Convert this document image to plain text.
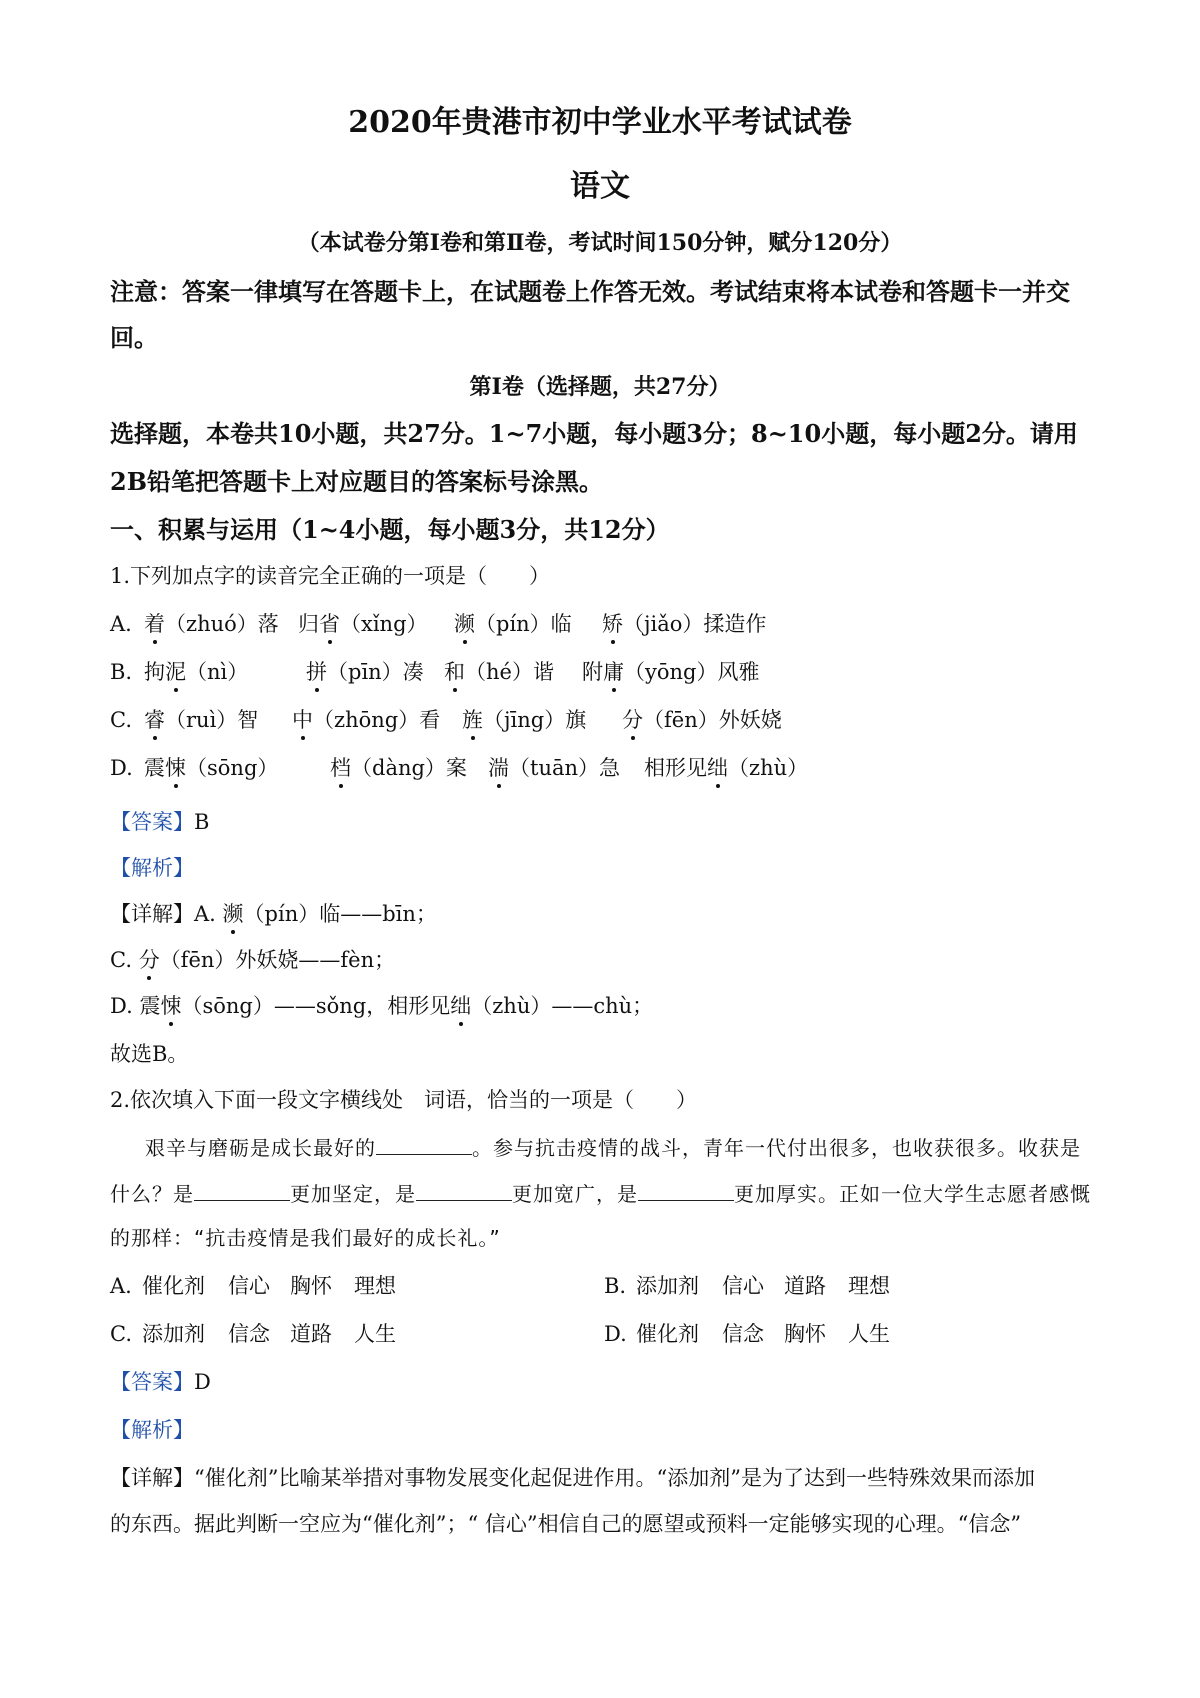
2020年贵港市初中学业水平考试试卷
语文
（本试卷分第Ⅰ卷和第Ⅱ卷，考试时间150分钟，赋分120分）
注意：答案一律填写在答题卡上，在试题卷上作答无效。考试结束将本试卷和答题卡一并交
回。
第Ⅰ卷（选择题，共27分）
选择题，本卷共10小题，共27分。1~7小题，每小题3分；8~10小题，每小题2分。请用
2B铅笔把答题卡上对应题目的答案标号涂黑。
一、积累与运用（1~4小题，每小题3分，共12分）
1.下列加点字的读音完全正确的一项是（　　）
A. 着（zhuó）落 归省（xǐng） 濒（pín）临 矫（jiǎo）揉造作
B. 拘泥（nì）	拼（pīn）凑 和（hé）谐 附庸（yōng）风雅
C. 睿（ruì）智 中（zhōng）看 旌（jīng）旗 分（fēn）外妖娆
D. 震悚（sōng） 档（dàng）案 湍（tuān）急 相形见绌（zhù）
【答案】B
【解析】
【详解】A. 濒（pín）临——bīn；
C. 分（fēn）外妖娆——fèn；
D. 震悚（sōng）——sǒng，相形见绌（zhù）——chù；
故选B。
2.依次填入下面一段文字横线处　词语，恰当的一项是（　　）
艰辛与磨砺是成长最好的	。参与抗击疫情的战斗，青年一代付出很多，也收获很多。收获是
什么？是	更加坚定，是	更加宽广，是	更加厚实。正如一位大学生志愿者感慨
的那样：“抗击疫情是我们最好的成长礼。”
A. 催化剂 信心 胸怀 理想	B. 添加剂 信心 道路 理想
C. 添加剂 信念 道路 人生	D. 催化剂 信念 胸怀 人生
【答案】D
【解析】
【详解】“催化剂”比喻某举措对事物发展变化起促进作用。“添加剂”是为了达到一些特殊效果而添加
的东西。据此判断一空应为“催化剂”；“ 信心”相信自己的愿望或预料一定能够实现的心理。“信念”
